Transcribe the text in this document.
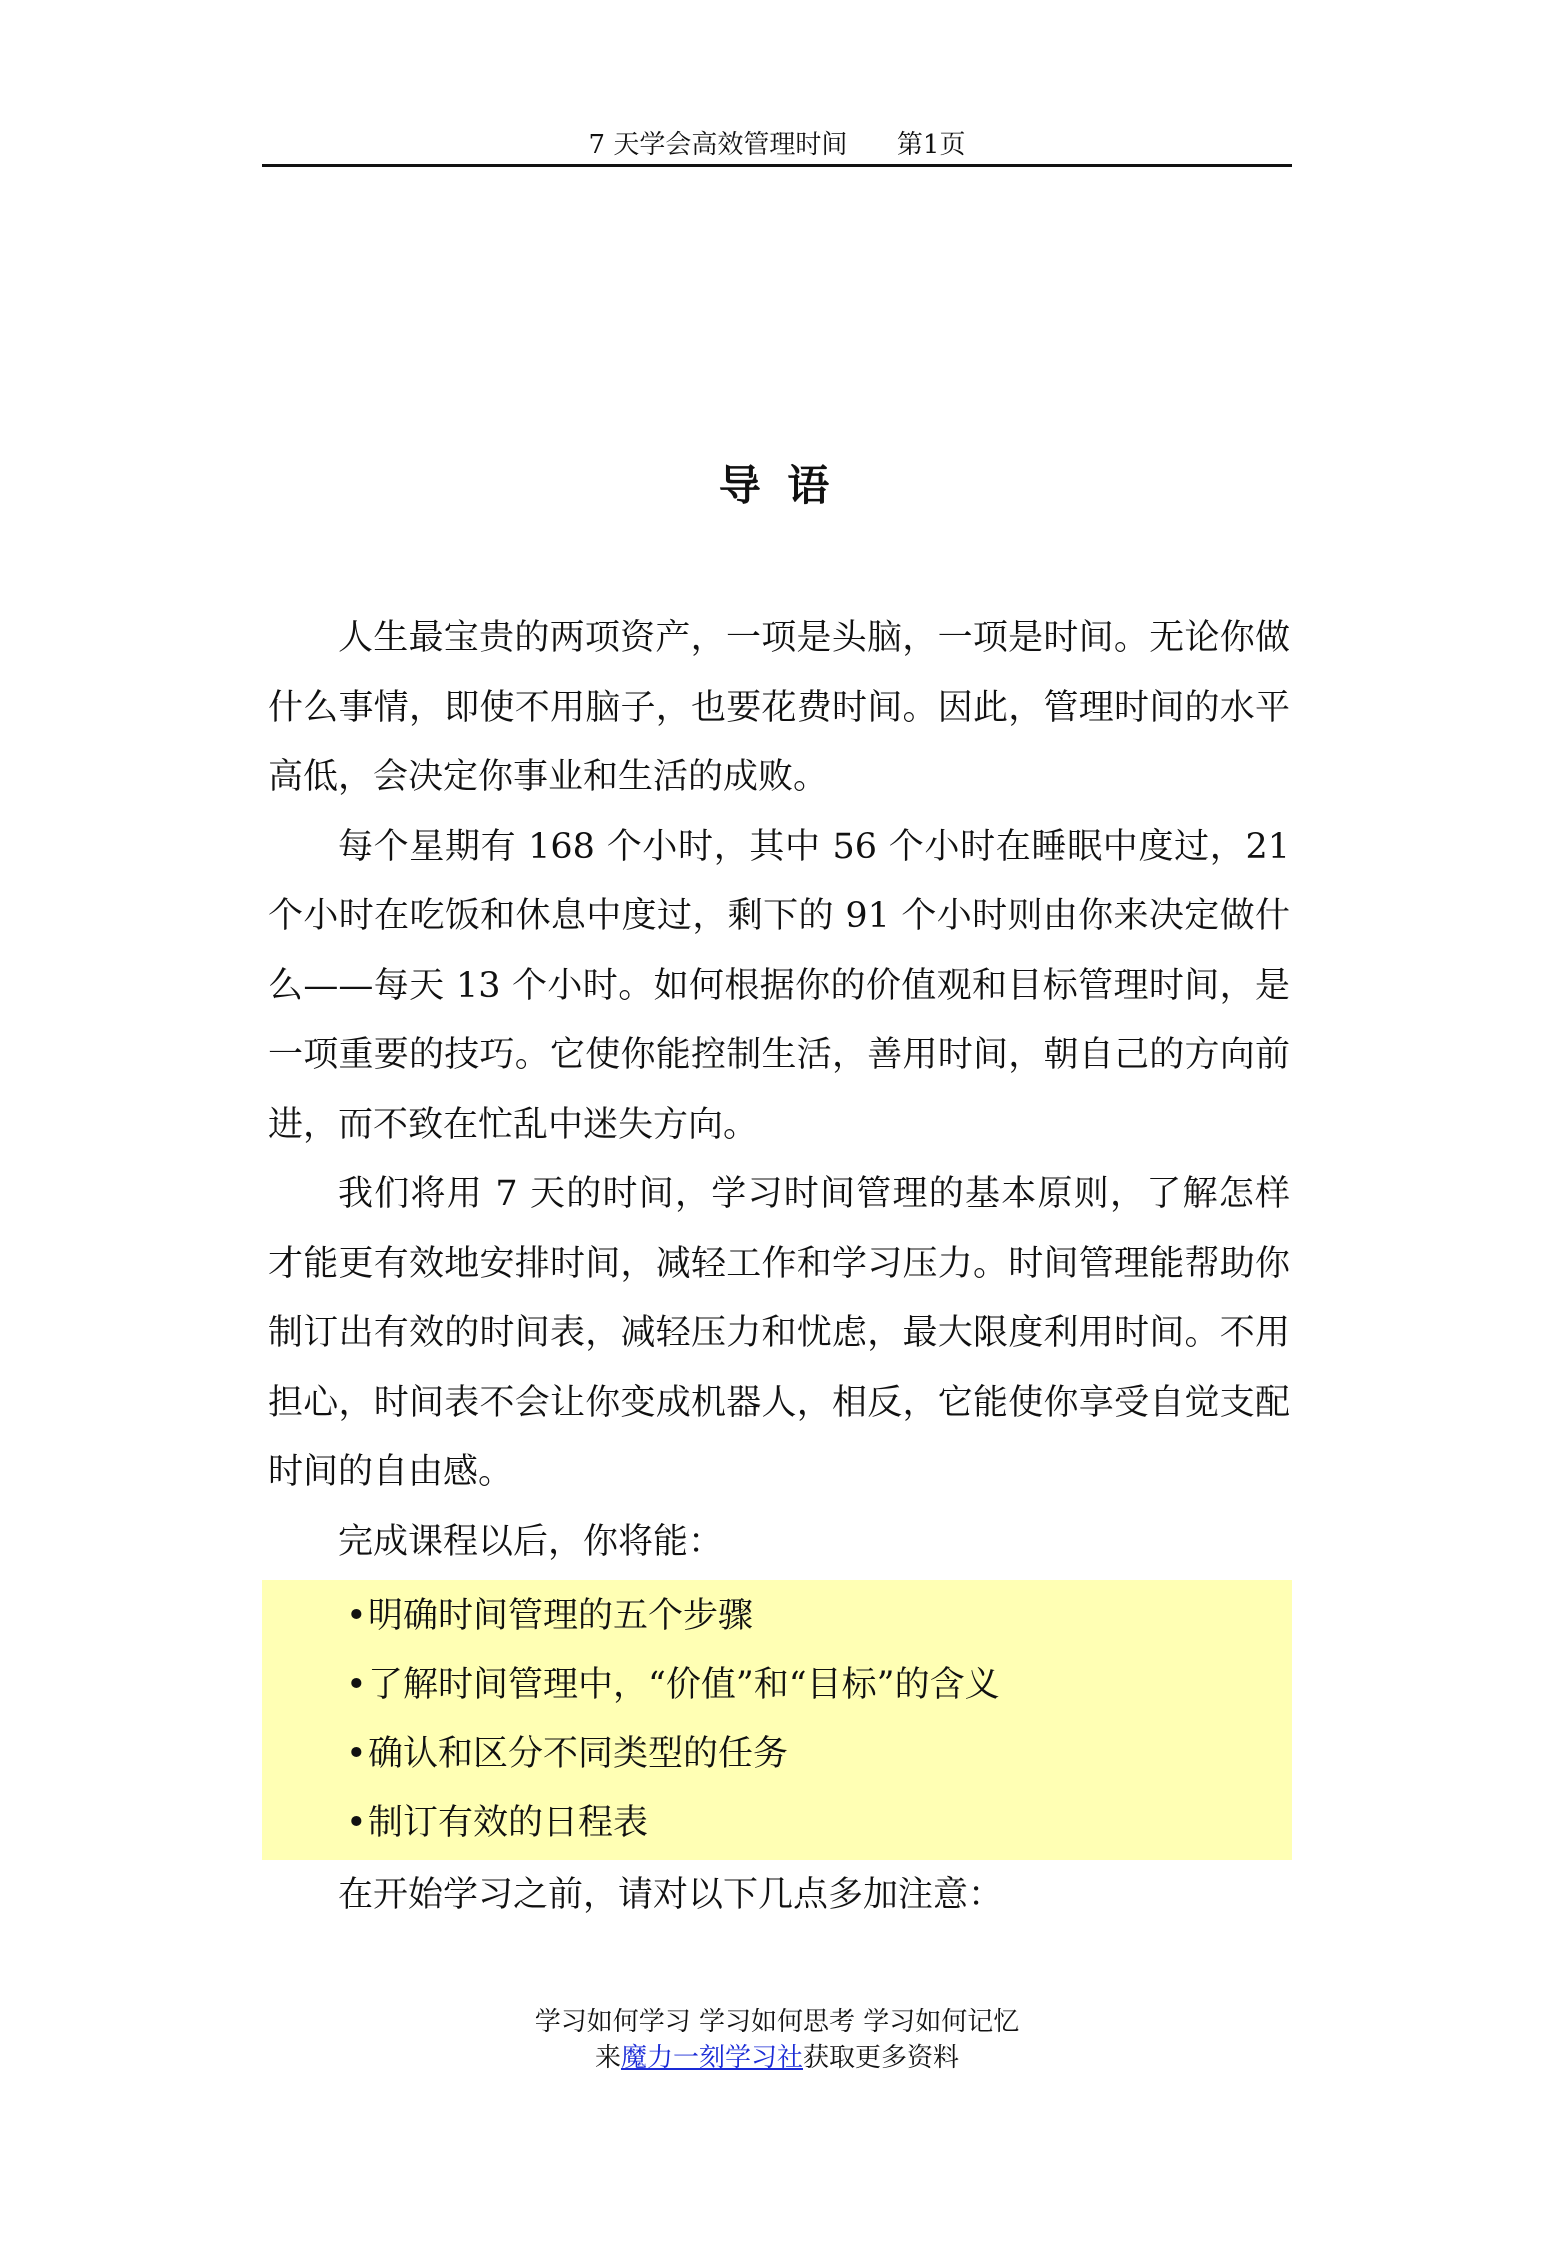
7 天学会高效管理时间      第1页
导 语

人生最宝贵的两项资产，一项是头脑，一项是时间。无论你做什么事情，即使不用脑子，也要花费时间。因此，管理时间的水平高低，会决定你事业和生活的成败。

每个星期有 168 个小时，其中 56 个小时在睡眠中度过，21 个小时在吃饭和休息中度过，剩下的 91 个小时则由你来决定做什么——每天 13 个小时。如何根据你的价值观和目标管理时间，是一项重要的技巧。它使你能控制生活，善用时间，朝自己的方向前进，而不致在忙乱中迷失方向。

我们将用 7 天的时间，学习时间管理的基本原则，了解怎样才能更有效地安排时间，减轻工作和学习压力。时间管理能帮助你制订出有效的时间表，减轻压力和忧虑，最大限度利用时间。不用担心，时间表不会让你变成机器人，相反，它能使你享受自觉支配时间的自由感。

完成课程以后，你将能：

•明确时间管理的五个步骤
•了解时间管理中，“价值”和“目标”的含义
•确认和区分不同类型的任务
•制订有效的日程表
在开始学习之前，请对以下几点多加注意：
学习如何学习 学习如何思考 学习如何记忆
来魔力一刻学习社获取更多资料
